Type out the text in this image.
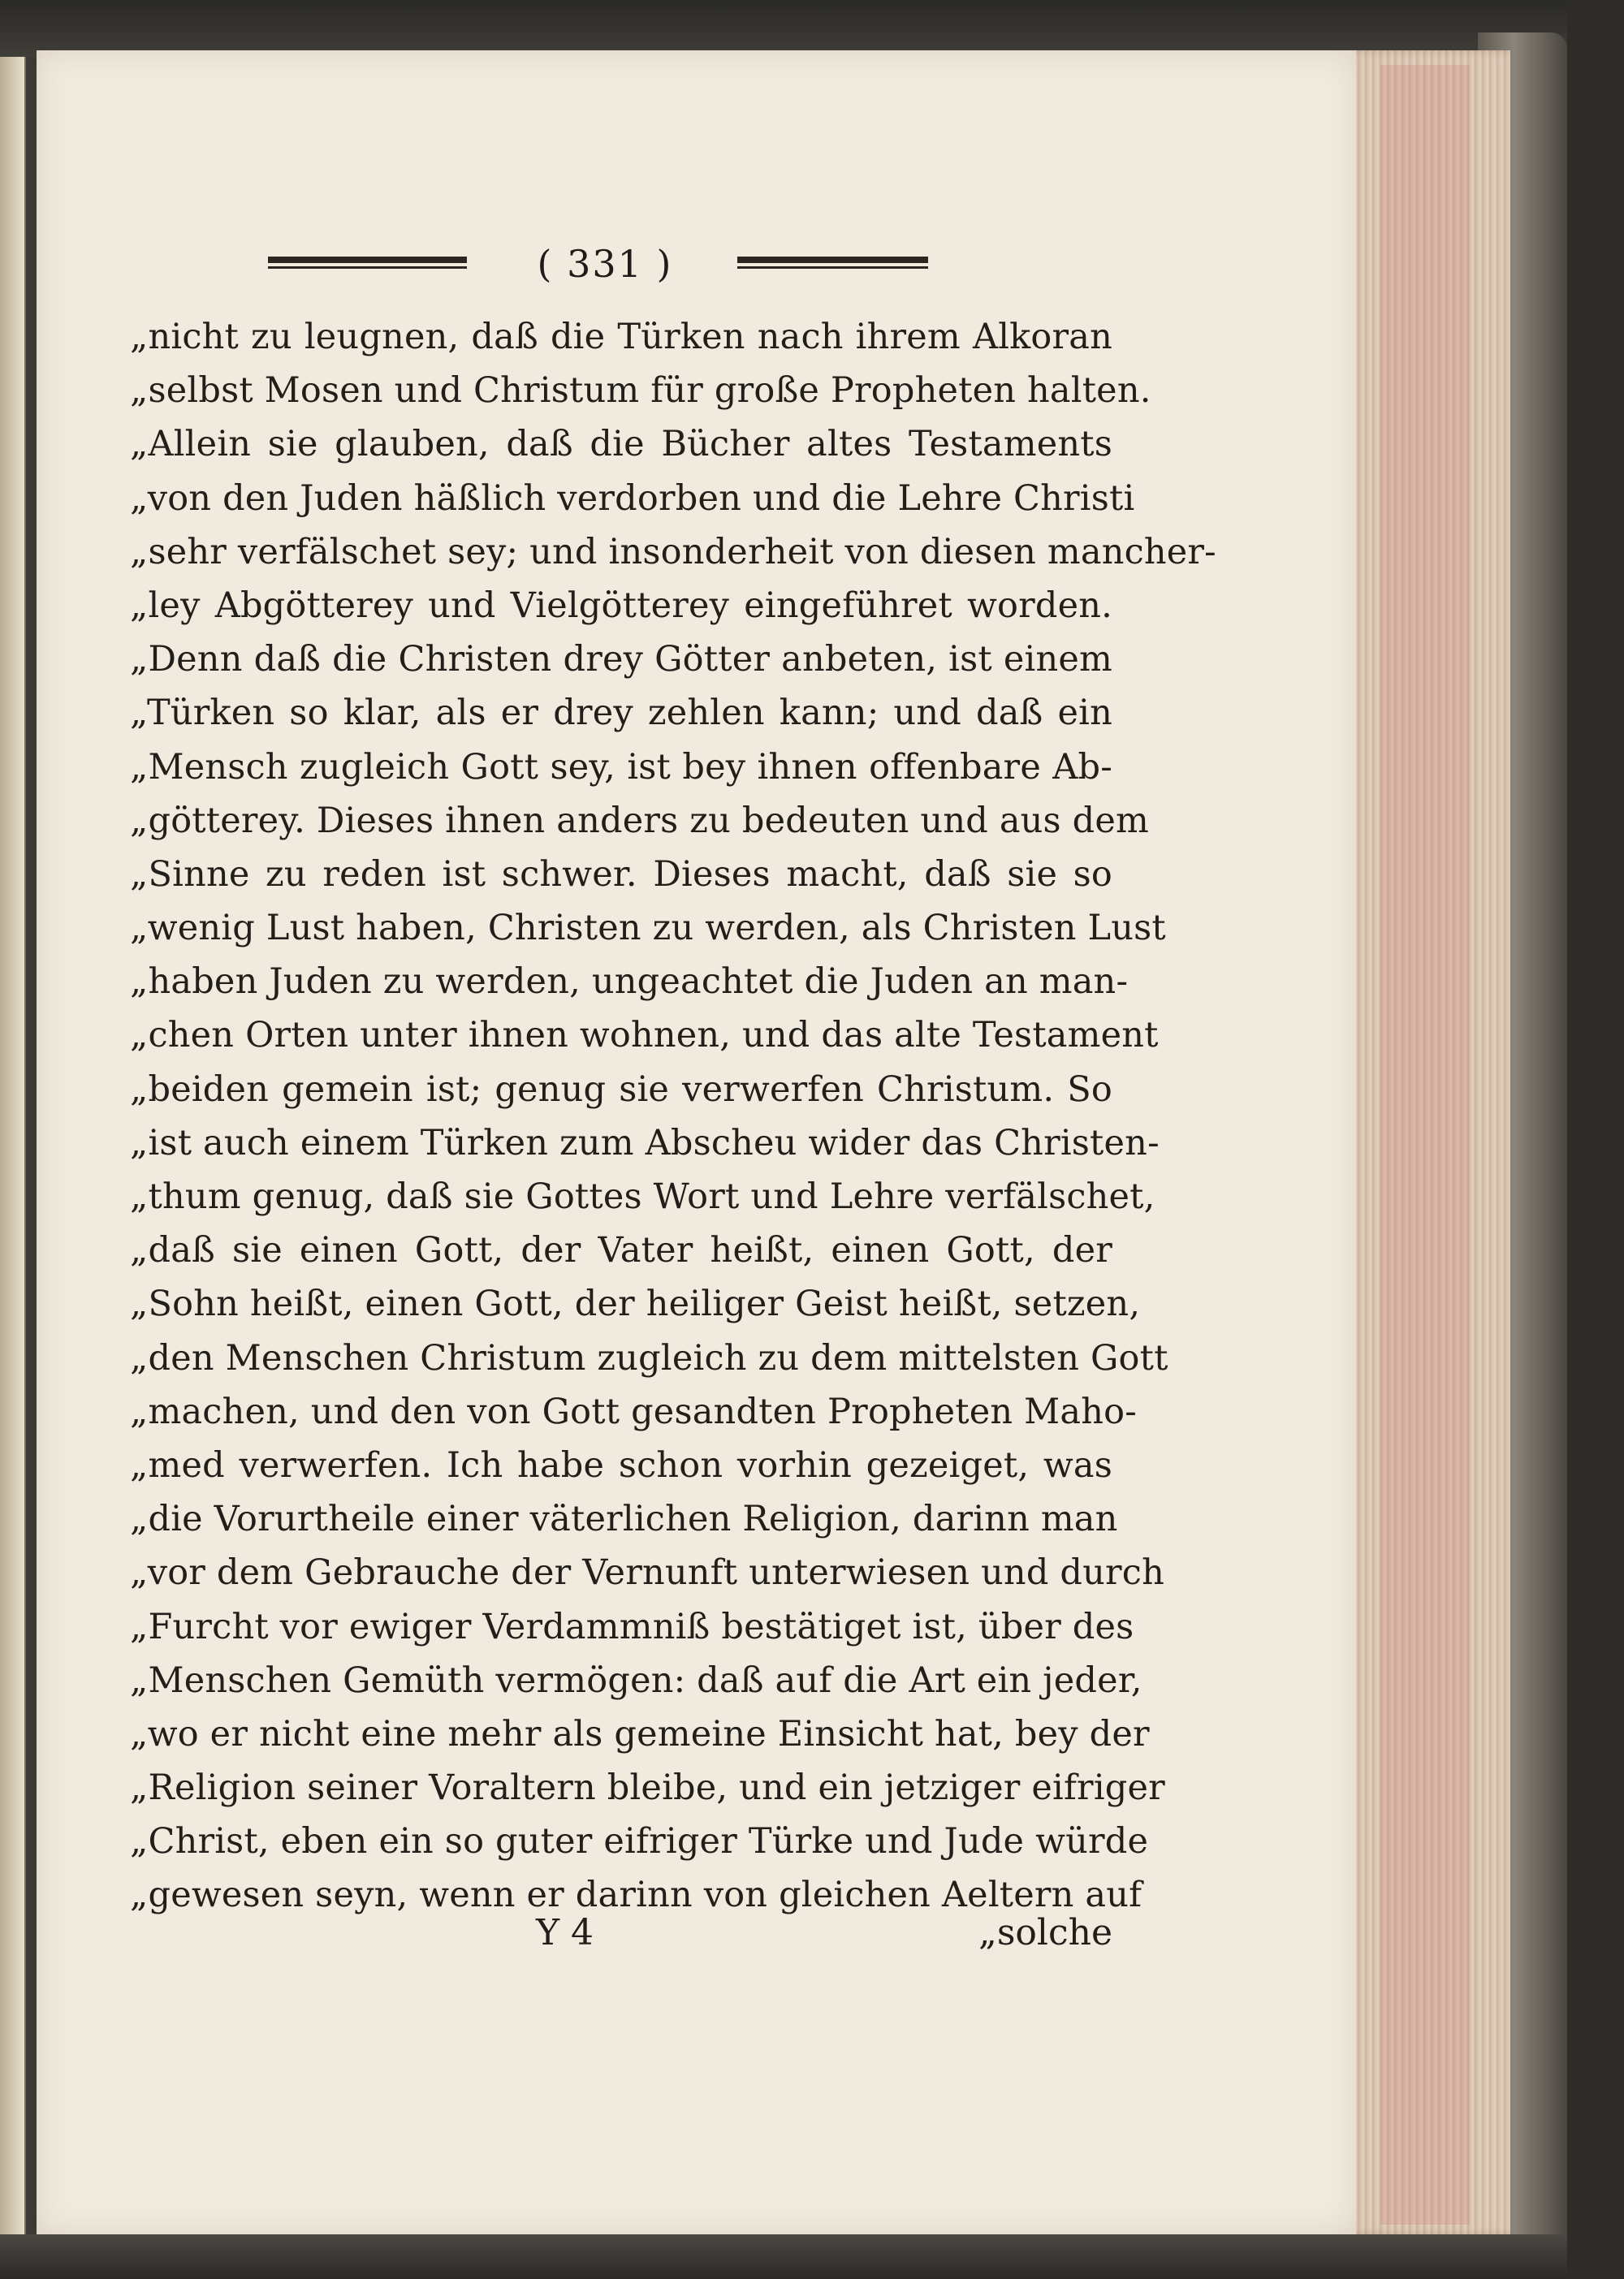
( 331 )
„nicht zu leugnen, daß die Türken nach ihrem Alkoran
„selbst Mosen und Christum für große Propheten halten.
„Allein sie glauben, daß die Bücher altes Testaments
„von den Juden häßlich verdorben und die Lehre Christi
„sehr verfälschet sey; und insonderheit von diesen mancher-
„ley Abgötterey und Vielgötterey eingeführet worden.
„Denn daß die Christen drey Götter anbeten, ist einem
„Türken so klar, als er drey zehlen kann; und daß ein
„Mensch zugleich Gott sey, ist bey ihnen offenbare Ab-
„götterey. Dieses ihnen anders zu bedeuten und aus dem
„Sinne zu reden ist schwer. Dieses macht, daß sie so
„wenig Lust haben, Christen zu werden, als Christen Lust
„haben Juden zu werden, ungeachtet die Juden an man-
„chen Orten unter ihnen wohnen, und das alte Testament
„beiden gemein ist; genug sie verwerfen Christum. So
„ist auch einem Türken zum Abscheu wider das Christen-
„thum genug, daß sie Gottes Wort und Lehre verfälschet,
„daß sie einen Gott, der Vater heißt, einen Gott, der
„Sohn heißt, einen Gott, der heiliger Geist heißt, setzen,
„den Menschen Christum zugleich zu dem mittelsten Gott
„machen, und den von Gott gesandten Propheten Maho-
„med verwerfen. Ich habe schon vorhin gezeiget, was
„die Vorurtheile einer väterlichen Religion, darinn man
„vor dem Gebrauche der Vernunft unterwiesen und durch
„Furcht vor ewiger Verdammniß bestätiget ist, über des
„Menschen Gemüth vermögen: daß auf die Art ein jeder,
„wo er nicht eine mehr als gemeine Einsicht hat, bey der
„Religion seiner Voraltern bleibe, und ein jetziger eifriger
„Christ, eben ein so guter eifriger Türke und Jude würde
„gewesen seyn, wenn er darinn von gleichen Aeltern auf
Y 4	„solche
